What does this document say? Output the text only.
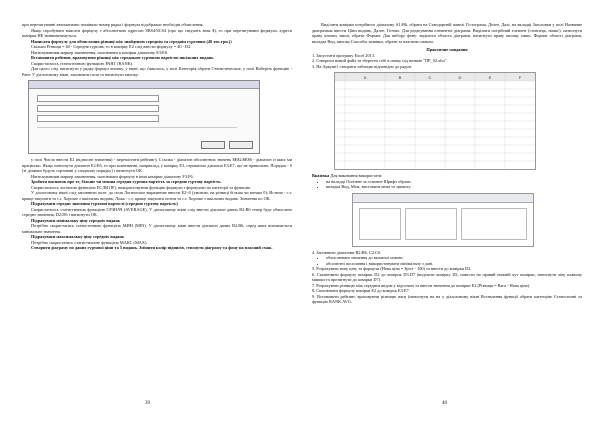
при перетягуванні автоматично поміняли номер рядка і формула відображає необхідні обчислення.

Якщо спробувати вписати формулу з абсолютною адресою SBS4/SCS4 (про що свідчить знак $), то при перетягуванні формули, адреси комірки НЕ змінюватимуться.

Написати формулу для обчислення різниці між знайденою середнім та середнім гуртовим (40 тис.грн.))

Скільки Різниця = 40 - Середня гуртова, то в комірку Е2 слід ввести формулу = 40 - D2.

Натискуванням маркер заповнення, скопіювати в комірки діапазону Е3:Е6.

Встановити рейтинг, враховуючи різниці між середньою гуртовою вартістю шкільних видань

Скористаємось статистичною функцією РАНГ (RANK).

Для цього слід натиснути у рядку формул кнопку, у вікні, що з'явилось, у полі Категорія обрати Статистические, у полі Виберіть функцію - Ранг. У діалоговому вікні, заповнити поля та натиснути кнопку:

у полі Число ввести Е2 (відносне значення) - перемістити рейтинг); Ссылка - діапазон абсолютних значень $E$2:$E$6 - діапазон із яких ми працюємо. Якщо натиснути діапазон Е2:Е6, то при копіюванні, наприклад, у комірку Е3, отримаємо діапазон Е3:Е7, що не правильно; Порядок - 0 (ті ділянки будуть сортовані у спадному порядку) і натиснути ОК.

Натискуванням маркер заповнення, скопіювати формулу в інші комірки діапазону F3:F6.

Зробити висновок про те, більше чи менша середня гуртова вартість за середню гуртову вартість.

Скористаємось логічною функцією ЕСЛИ (IF), використовуючи функцію формули з формулою по категорії та функцію.

У діалоговому вікні слід заповнити поле: до поля Логическое выражение ввести E2>0 (умовою, на різниці більша чи менша 0); Истина - с.г. краще закупити та с.г. Хороше з шкільних видань; Ложь - с.г. краще закупити оптом та с.г. Хороше з шкільних видань. Значення по ОК.

Підрахувати середнє значення гуртової вартості (середню гуртову вартість)

Скористаємось статистичною функцією СРЗНАЧ (AVERAGE). У діалоговому вікні слід ввести діапазон даних В2:В6 тепер буде обчислено середнє значення, D2:D6 і натиснути ОК.

Підрахувати мінімальну ціну середніх видань

Потрібно скористатись статистичною функцією МИН (MIN). У діалоговому вікні ввести діапазон даних В2:В6, серед яких визначається мінімальне значення.

Підрахувати максимальну ціну середніх видань

Потрібно скористатись статистичною функцією МАКС (MAX).

Створити діаграму по даних гуртової ціни та 5 видань. Змінити колір підписів, стиснути діаграму та фону на власний смак.

39

Виділити комірки потрібного діапазону А1:В6, обрати на Стандартній панелі Гістограма, Делее, Далі, на вкладці Заголовки у полі Название диаграммы ввести Ціни видань, Далее, Готово. Для редагування елементів діаграми: Виділити потрібний елемент (стовпець, напис), натиснути праву кнопку миші, обрати Формат. Для вибору фону: виділити область діаграми, натиснути праву кнопку миші. Формат області діаграми, вкладка Вид, кнопка Способы заливки, обрати за власним смаком.

Практичне чавдання

1. Запустити програму Excel 2013.

2. Створити новий файл та зберегти собі в папку під назвою "ПР_02.xlsx".

3. На Аркуші1 створити таблицю відповідно до рядок:

A	B	C	D	E	F

Вказівка Для виконання використати:

• на вкладці Основне за основне Шрифт обрати
• вкладка Вид, Меж, виставити межі та тривогу.

4. Заповнити діапазони B2:B6, C2:C6

• обчислювати значення до вказаної мовою;
• абсолютні посилання і використовувати мінімальну з дані.

5. Розрахувати нову ціну та формули (Нова ціна = Зріст - 100) та ввести до комірки D2.

6. Скопіювати формулу комірки D2 до комірок D3:D7 (виділити комірку D2, навести на правий нижній кут комірки, натиснути ліву клавішу мишки та протягнути до комірки D7).

7. Розрахувати різницю між середнім видом у відсотках та ввести значення до комірки E2 (Різниця = Вага - Нова ціна).

8. Скопіювати формулу комірки E2 до комірок E3:E7.

9. Встановити рейтинг, враховуючи різницю ваги (натиснути на на у діалоговому вікні Вставлення функції обрати категорію Статистичні та функцію RANK.AVG.

40
